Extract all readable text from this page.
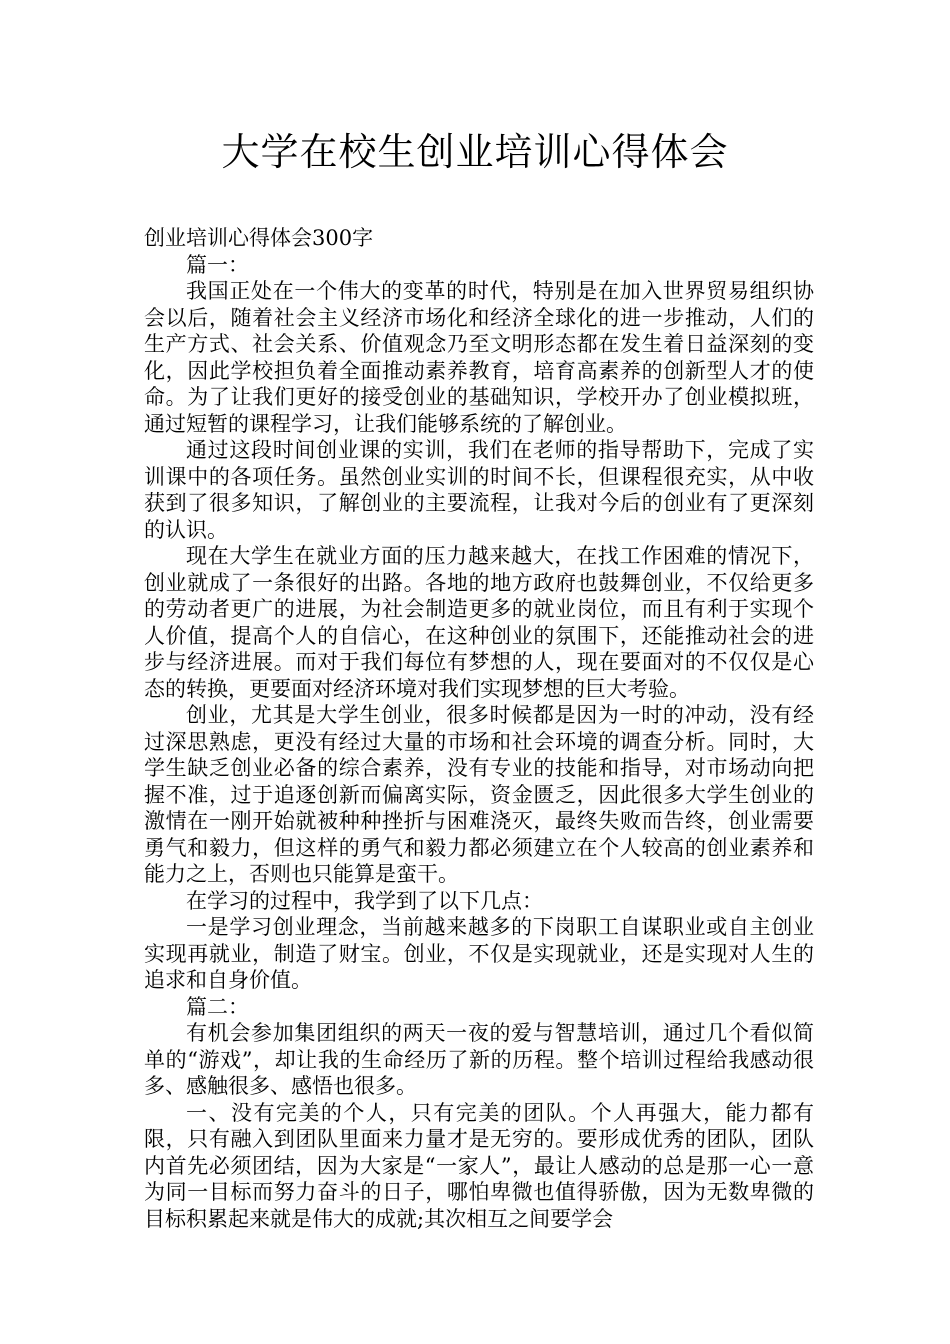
大学在校生创业培训心得体会

创业培训心得体会300字

篇一：

我国正处在一个伟大的变革的时代，特别是在加入世界贸易组织协会以后，随着社会主义经济市场化和经济全球化的进一步推动，人们的生产方式、社会关系、价值观念乃至文明形态都在发生着日益深刻的变化，因此学校担负着全面推动素养教育，培育高素养的创新型人才的使命。为了让我们更好的接受创业的基础知识，学校开办了创业模拟班，通过短暂的课程学习，让我们能够系统的了解创业。

通过这段时间创业课的实训，我们在老师的指导帮助下，完成了实训课中的各项任务。虽然创业实训的时间不长，但课程很充实，从中收获到了很多知识，了解创业的主要流程，让我对今后的创业有了更深刻的认识。

现在大学生在就业方面的压力越来越大，在找工作困难的情况下，创业就成了一条很好的出路。各地的地方政府也鼓舞创业，不仅给更多的劳动者更广的进展，为社会制造更多的就业岗位，而且有利于实现个人价值，提高个人的自信心，在这种创业的氛围下，还能推动社会的进步与经济进展。而对于我们每位有梦想的人，现在要面对的不仅仅是心态的转换，更要面对经济环境对我们实现梦想的巨大考验。

创业，尤其是大学生创业，很多时候都是因为一时的冲动，没有经过深思熟虑，更没有经过大量的市场和社会环境的调查分析。同时，大学生缺乏创业必备的综合素养，没有专业的技能和指导，对市场动向把握不准，过于追逐创新而偏离实际，资金匮乏，因此很多大学生创业的激情在一刚开始就被种种挫折与困难浇灭，最终失败而告终，创业需要勇气和毅力，但这样的勇气和毅力都必须建立在个人较高的创业素养和能力之上，否则也只能算是蛮干。

在学习的过程中，我学到了以下几点：

一是学习创业理念，当前越来越多的下岗职工自谋职业或自主创业实现再就业，制造了财宝。创业，不仅是实现就业，还是实现对人生的追求和自身价值。

篇二：

有机会参加集团组织的两天一夜的爱与智慧培训，通过几个看似简单的“游戏”，却让我的生命经历了新的历程。整个培训过程给我感动很多、感触很多、感悟也很多。

一、没有完美的个人，只有完美的团队。个人再强大，能力都有限，只有融入到团队里面来力量才是无穷的。要形成优秀的团队，团队内首先必须团结，因为大家是“一家人”，最让人感动的总是那一心一意为同一目标而努力奋斗的日子，哪怕卑微也值得骄傲，因为无数卑微的目标积累起来就是伟大的成就;其次相互之间要学会
